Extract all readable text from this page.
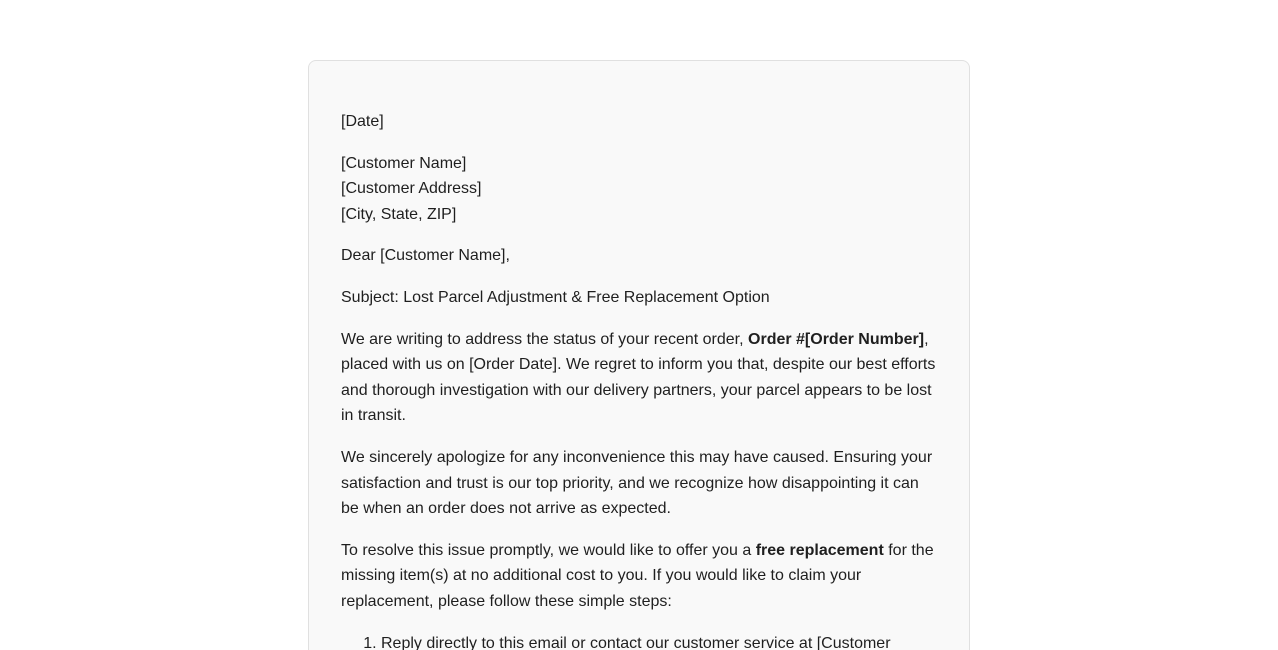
[Date]

[Customer Name]
[Customer Address]
[City, State, ZIP]

Dear [Customer Name],

Subject: Lost Parcel Adjustment & Free Replacement Option

We are writing to address the status of your recent order, Order #[Order Number], placed with us on [Order Date]. We regret to inform you that, despite our best efforts and thorough investigation with our delivery partners, your parcel appears to be lost in transit.

We sincerely apologize for any inconvenience this may have caused. Ensuring your satisfaction and trust is our top priority, and we recognize how disappointing it can be when an order does not arrive as expected.

To resolve this issue promptly, we would like to offer you a free replacement for the missing item(s) at no additional cost to you. If you would like to claim your replacement, please follow these simple steps:

1. Reply directly to this email or contact our customer service at [Customer
